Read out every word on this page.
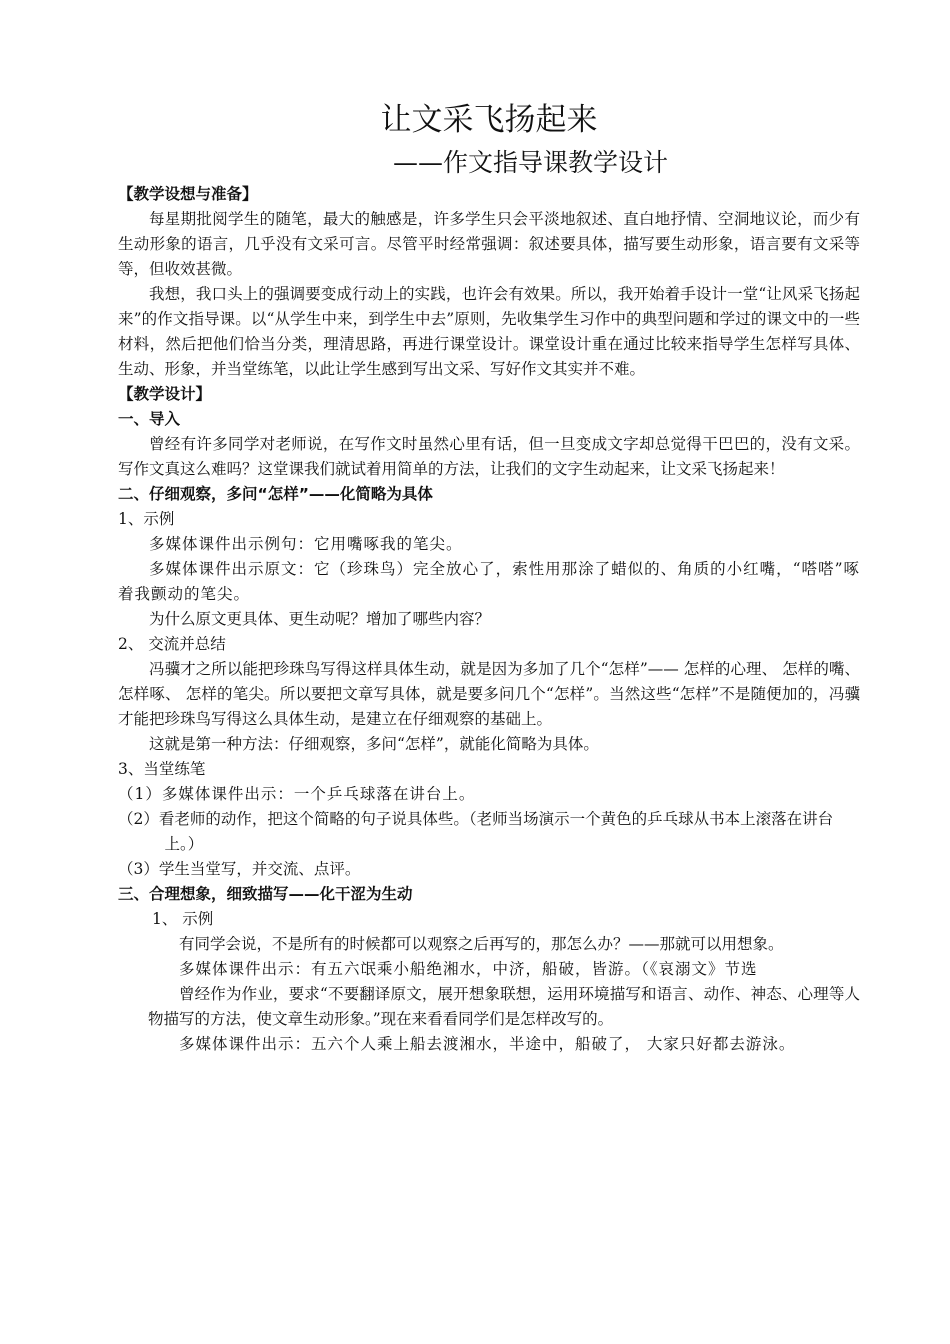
让文采飞扬起来
——作文指导课教学设计
【教学设想与准备】

每星期批阅学生的随笔，最大的触感是，许多学生只会平淡地叙述、直白地抒情、空洞地议论，而少有生动形象的语言，几乎没有文采可言。尽管平时经常强调：叙述要具体，描写要生动形象，语言要有文采等等，但收效甚微。

我想，我口头上的强调要变成行动上的实践，也许会有效果。所以，我开始着手设计一堂“让风采飞扬起来”的作文指导课。以“从学生中来，到学生中去”原则，先收集学生习作中的典型问题和学过的课文中的一些材料，然后把他们恰当分类，理清思路，再进行课堂设计。课堂设计重在通过比较来指导学生怎样写具体、生动、形象，并当堂练笔，以此让学生感到写出文采、写好作文其实并不难。

【教学设计】
一、导入

曾经有许多同学对老师说，在写作文时虽然心里有话，但一旦变成文字却总觉得干巴巴的，没有文采。写作文真这么难吗？这堂课我们就试着用简单的方法，让我们的文字生动起来，让文采飞扬起来！

二、仔细观察，多问“怎样”——化简略为具体

1、示例

多媒体课件出示例句：它用嘴啄我的笔尖。

多媒体课件出示原文：它（珍珠鸟）完全放心了，索性用那涂了蜡似的、角质的小红嘴，“嗒嗒”啄着我颤动的笔尖。

为什么原文更具体、更生动呢？增加了哪些内容？

2、 交流并总结

冯骥才之所以能把珍珠鸟写得这样具体生动，就是因为多加了几个“怎样”—— 怎样的心理、 怎样的嘴、 怎样啄、 怎样的笔尖。所以要把文章写具体，就是要多问几个“怎样”。当然这些“怎样”不是随便加的，冯骥才能把珍珠鸟写得这么具体生动，是建立在仔细观察的基础上。

这就是第一种方法：仔细观察，多问“怎样”，就能化简略为具体。

3、当堂练笔

（1）多媒体课件出示：一个乒乓球落在讲台上。

（2）看老师的动作，把这个简略的句子说具体些。（老师当场演示一个黄色的乒乓球从书本上滚落在讲台上。）

（3）学生当堂写，并交流、点评。

三、合理想象，细致描写——化干涩为生动

1、 示例

有同学会说，不是所有的时候都可以观察之后再写的，那怎么办？——那就可以用想象。

多媒体课件出示：有五六氓乘小船绝湘水，中济，船破，皆游。（《哀溺文》节选

曾经作为作业，要求“不要翻译原文，展开想象联想，运用环境描写和语言、动作、神态、心理等人物描写的方法，使文章生动形象。”现在来看看同学们是怎样改写的。

多媒体课件出示：五六个人乘上船去渡湘水，半途中，船破了， 大家只好都去游泳。
